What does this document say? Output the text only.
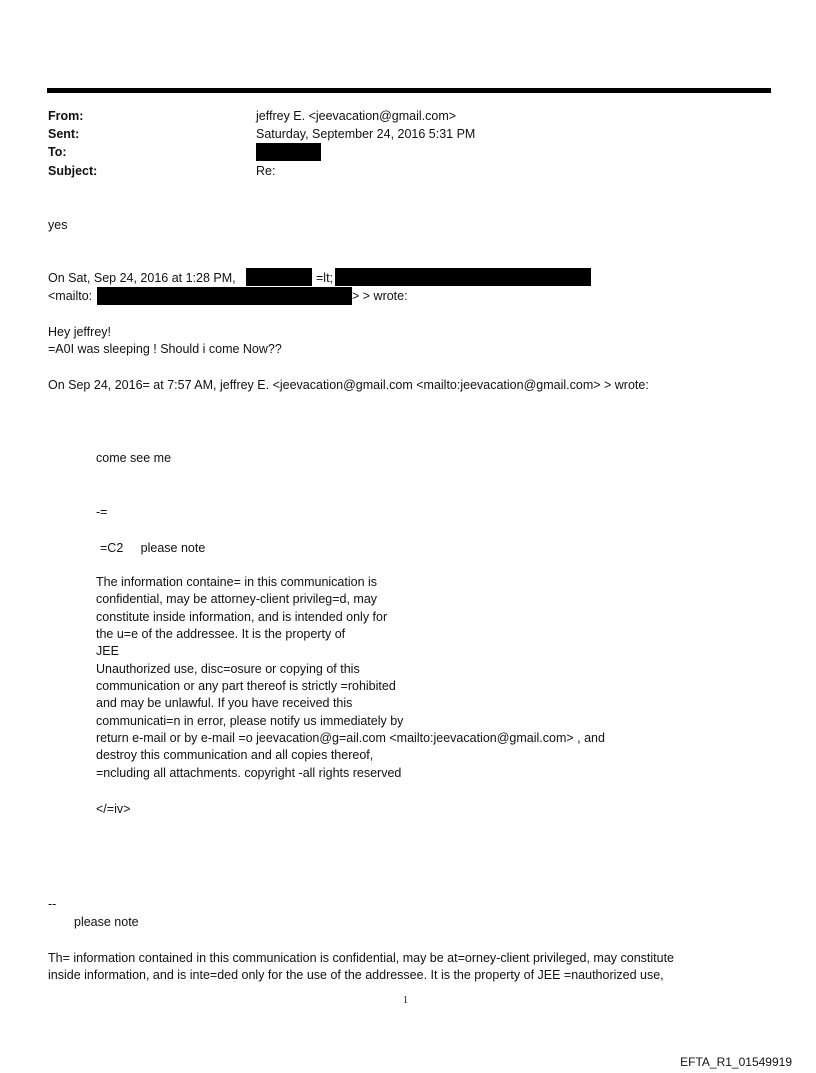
From:	jeffrey E. <jeevacation@gmail.com>
Sent:	Saturday, September 24, 2016 5:31 PM
To:
Subject:	Re:
yes
On Sat, Sep 24, 2016 at 1:28 PM,	=lt;
<mailto:	> > wrote:
Hey jeffrey!
=A0I was sleeping ! Should i come Now??
On Sep 24, 2016= at 7:57 AM, jeffrey E. <jeevacation@gmail.com <mailto:jeevacation@gmail.com> > wrote:
come see me
-=
=C2     please note
The information containe= in this communication is
confidential, may be attorney-client privileg=d, may
constitute inside information, and is intended only for
the u=e of the addressee. It is the property of
JEE
Unauthorized use, disc=osure or copying of this
communication or any part thereof is strictly =rohibited
and may be unlawful. If you have received this
communicati=n in error, please notify us immediately by
return e-mail or by e-mail =o jeevacation@g=ail.com <mailto:jeevacation@gmail.com> , and
destroy this communication and all copies thereof,
=ncluding all attachments. copyright -all rights reserved
</=iv>
--
please note
Th= information contained in this communication is confidential, may be at=orney-client privileged, may constitute
inside information, and is inte=ded only for the use of the addressee. It is the property of JEE =nauthorized use,
1
EFTA_R1_01549919
